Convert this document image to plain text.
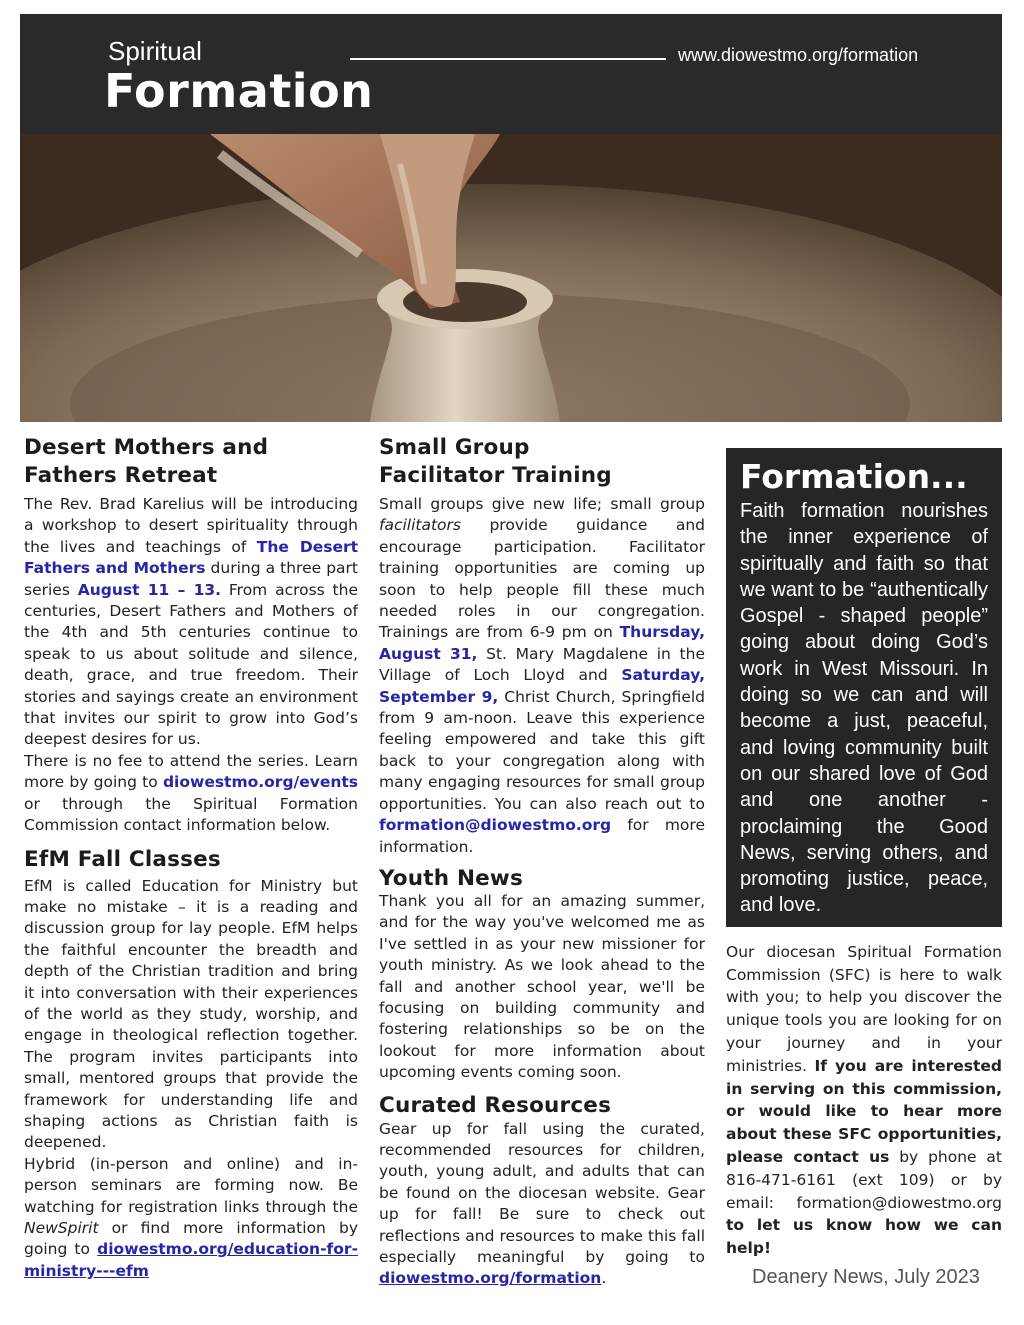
Spiritual
Formation
www.diowestmo.org/formation
Desert Mothers and
Fathers Retreat

The Rev. Brad Karelius will be introducing a workshop to desert spirituality through the lives and teachings of The Desert Fathers and Mothers during a three part series August 11 – 13. From across the centuries, Desert Fathers and Mothers of the 4th and 5th centuries continue to speak to us about solitude and silence, death, grace, and true freedom. Their stories and sayings create an environment that invites our spirit to grow into God’s deepest desires for us.

There is no fee to attend the series. Learn more by going to diowestmo.org/events or through the Spiritual Formation Commission contact information below.

EfM Fall Classes

EfM is called Education for Ministry but make no mistake – it is a reading and discussion group for lay people. EfM helps the faithful encounter the breadth and depth of the Christian tradition and bring it into conversation with their experiences of the world as they study, worship, and engage in theological reflection together. The program invites participants into small, mentored groups that provide the framework for understanding life and shaping actions as Christian faith is deepened.

Hybrid (in-person and online) and in-person seminars are forming now. Be watching for registration links through the NewSpirit or find more information by going to diowestmo.org/education-for-ministry---efm

Small Group
Facilitator Training

Small groups give new life; small group facilitators provide guidance and encourage participation. Facilitator training opportunities are coming up soon to help people fill these much needed roles in our congregation. Trainings are from 6-9 pm on Thursday, August 31, St. Mary Magdalene in the Village of Loch Lloyd and Saturday, September 9, Christ Church, Springfield from 9 am-noon. Leave this experience feeling empowered and take this gift back to your congregation along with many engaging resources for small group opportunities. You can also reach out to formation@diowestmo.org for more information.

Youth News

Thank you all for an amazing summer, and for the way you've welcomed me as I've settled in as your new missioner for youth ministry. As we look ahead to the fall and another school year, we'll be focusing on building community and fostering relationships so be on the lookout for more information about upcoming events coming soon.

Curated Resources

Gear up for fall using the curated, recommended resources for children, youth, young adult, and adults that can be found on the diocesan website. Gear up for fall! Be sure to check out reflections and resources to make this fall especially meaningful by going to diowestmo.org/formation.

Formation...
Faith formation nourishes the inner experience of spiritually and faith so that we want to be “authentically Gospel - shaped people” going about doing God’s work in West Missouri. In doing so we can and will become a just, peaceful, and loving community built on our shared love of God and one another - proclaiming the Good News, serving others, and promoting justice, peace, and love.

Our diocesan Spiritual Formation Commission (SFC) is here to walk with you; to help you discover the unique tools you are looking for on your journey and in your ministries. If you are interested in serving on this commission, or would like to hear more about these SFC opportunities, please contact us by phone at 816-471-6161 (ext 109) or by email: formation@diowestmo.org to let us know how we can help!

Deanery News, July 2023
